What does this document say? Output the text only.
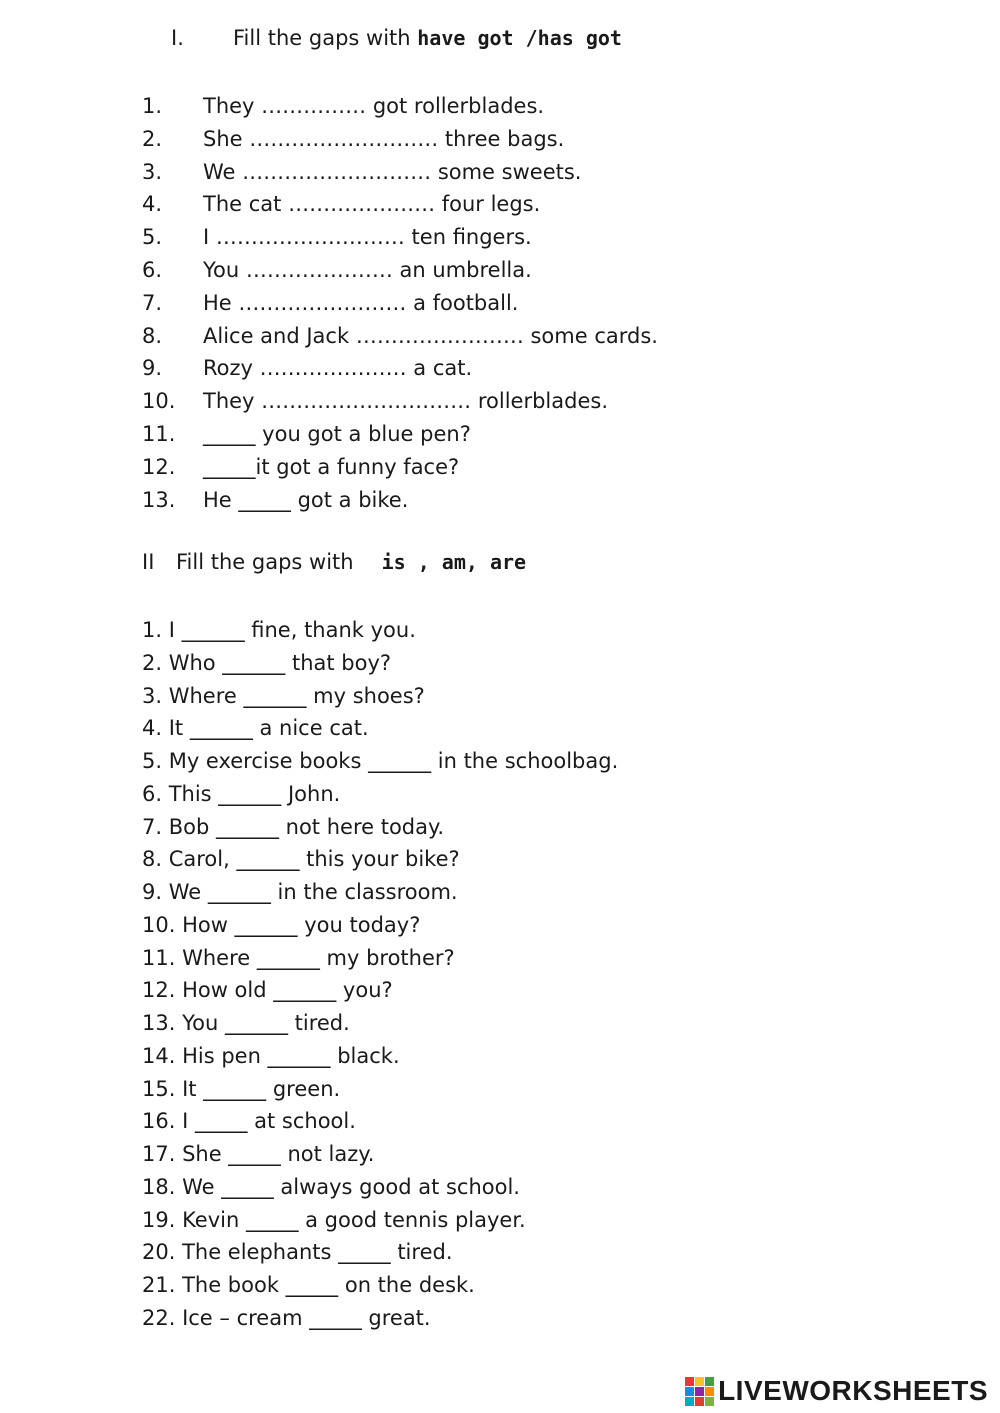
I. Fill the gaps with have got /has got
1. They …………… got rollerblades.
2. She ……………………… three bags.
3. We ……………………… some sweets.
4. The cat ………………… four legs.
5. I ……………………… ten fingers.
6. You ………………… an umbrella.
7. He …………………… a football.
8. Alice and Jack …………………… some cards.
9. Rozy ………………… a cat.
10. They ………………………… rollerblades.
11. _____ you got a blue pen?
12. _____it got a funny face?
13. He _____ got a bike.
II Fill the gaps with is , am, are
1. I ______ fine, thank you.
2. Who ______ that boy?
3. Where ______ my shoes?
4. It ______ a nice cat.
5. My exercise books ______ in the schoolbag.
6. This ______ John.
7. Bob ______ not here today.
8. Carol, ______ this your bike?
9. We ______ in the classroom.
10. How ______ you today?
11. Where ______ my brother?
12. How old ______ you?
13. You ______ tired.
14. His pen ______ black.
15. It ______ green.
16. I _____ at school.
17. She _____ not lazy.
18. We _____ always good at school.
19. Kevin _____ a good tennis player.
20. The elephants _____ tired.
21. The book _____ on the desk.
22. Ice – cream _____ great.
LIVEWORKSHEETS
